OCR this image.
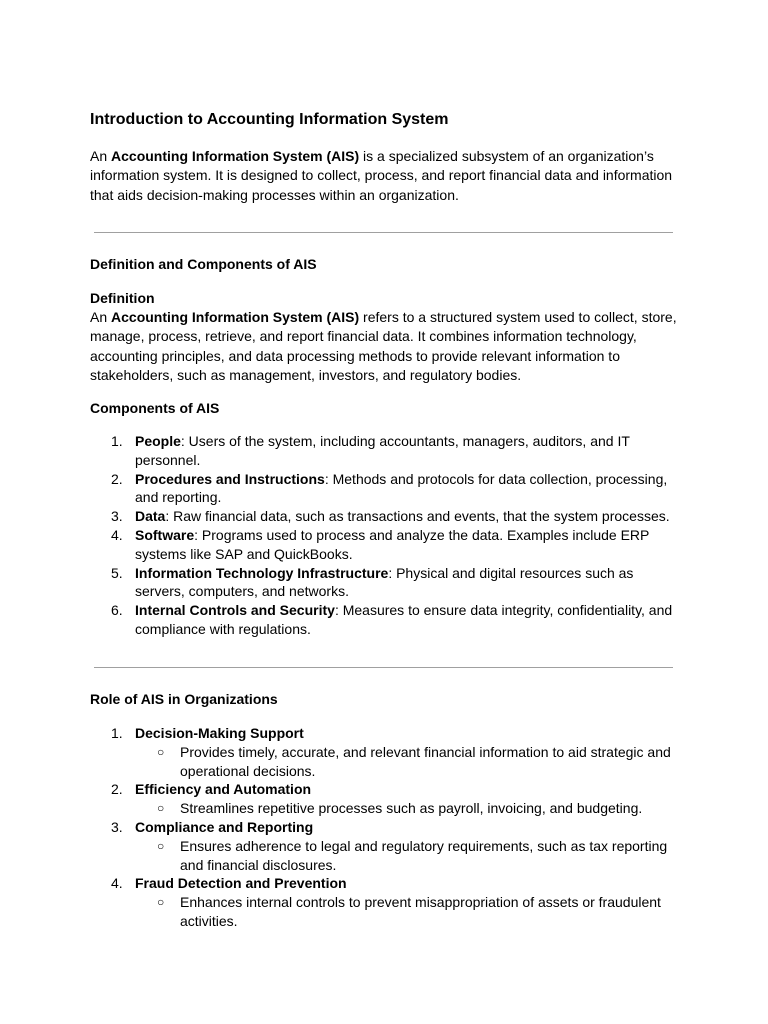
Introduction to Accounting Information System

An Accounting Information System (AIS) is a specialized subsystem of an organization’s information system. It is designed to collect, process, and report financial data and information that aids decision-making processes within an organization.

Definition and Components of AIS

Definition

An Accounting Information System (AIS) refers to a structured system used to collect, store, manage, process, retrieve, and report financial data. It combines information technology, accounting principles, and data processing methods to provide relevant information to stakeholders, such as management, investors, and regulatory bodies.

Components of AIS

1. People: Users of the system, including accountants, managers, auditors, and IT personnel.
2. Procedures and Instructions: Methods and protocols for data collection, processing, and reporting.
3. Data: Raw financial data, such as transactions and events, that the system processes.
4. Software: Programs used to process and analyze the data. Examples include ERP systems like SAP and QuickBooks.
5. Information Technology Infrastructure: Physical and digital resources such as servers, computers, and networks.
6. Internal Controls and Security: Measures to ensure data integrity, confidentiality, and compliance with regulations.

Role of AIS in Organizations

1. Decision-Making Support
○ Provides timely, accurate, and relevant financial information to aid strategic and operational decisions.
2. Efficiency and Automation
○ Streamlines repetitive processes such as payroll, invoicing, and budgeting.
3. Compliance and Reporting
○ Ensures adherence to legal and regulatory requirements, such as tax reporting and financial disclosures.
4. Fraud Detection and Prevention
○ Enhances internal controls to prevent misappropriation of assets or fraudulent activities.
